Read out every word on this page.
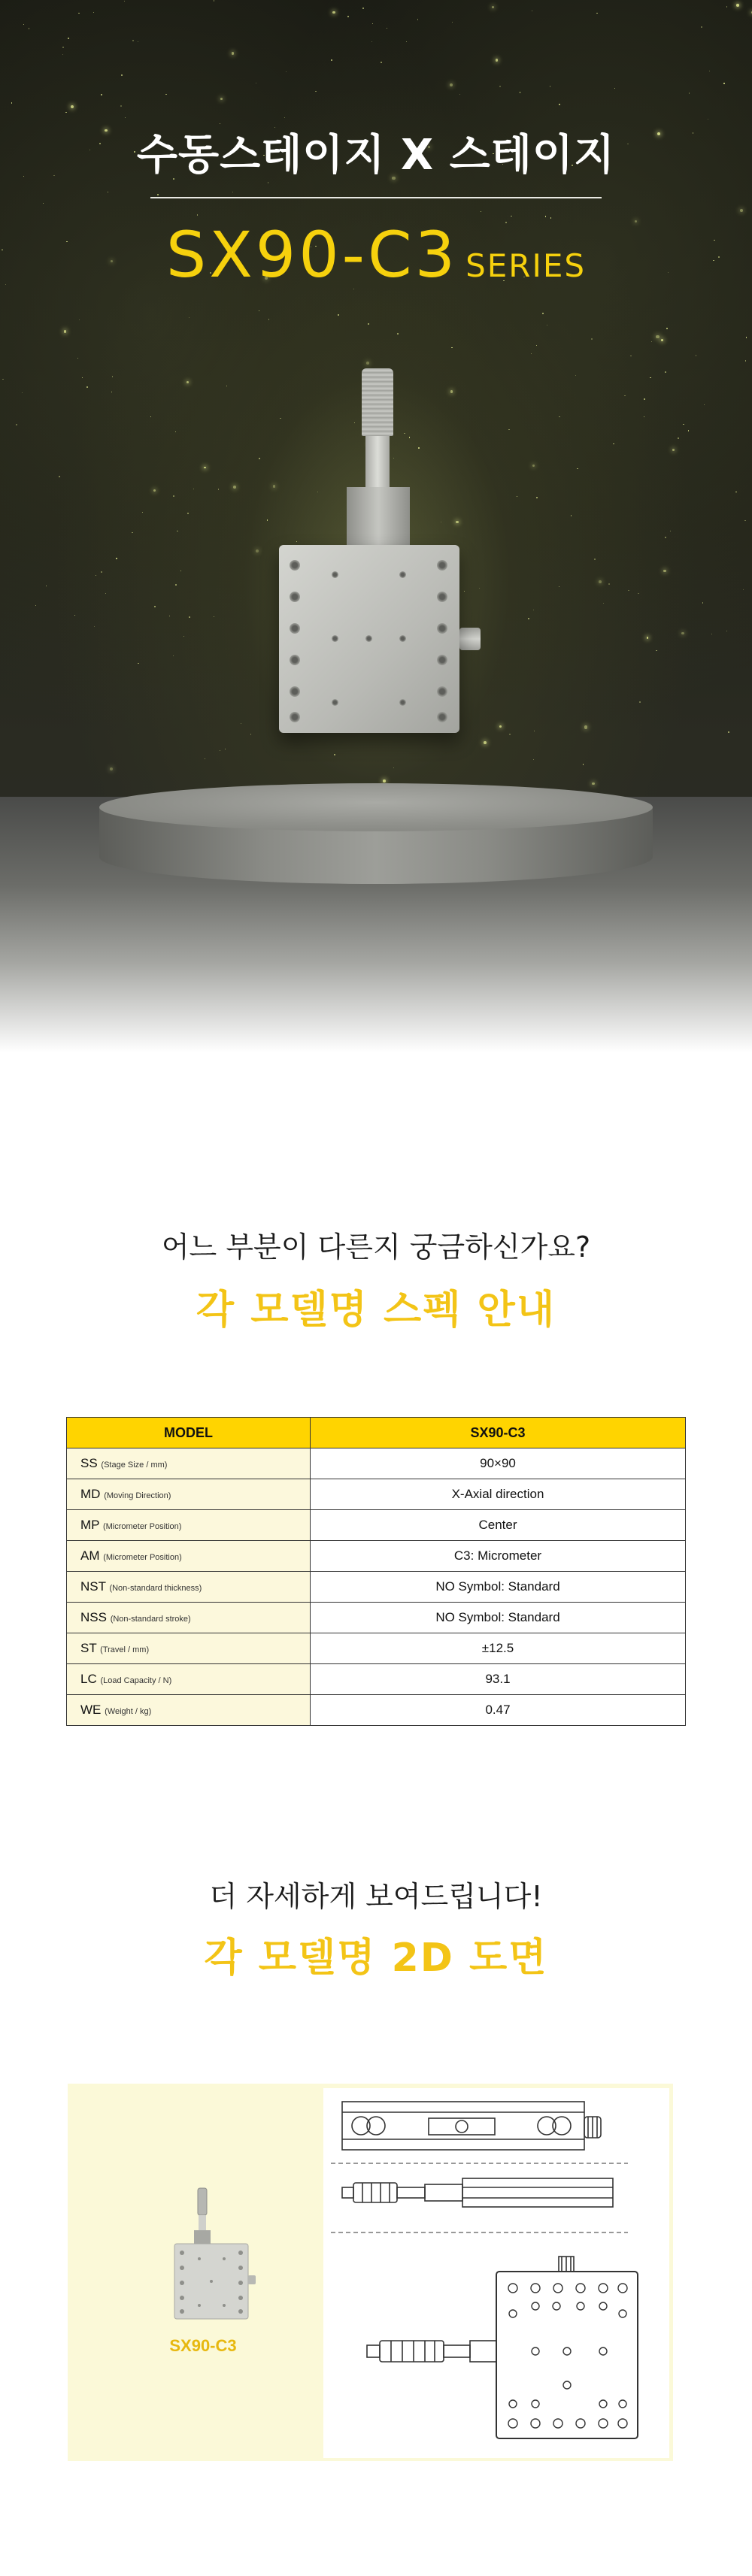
수동스테이지 X 스테이지
SX90-C3 SERIES
어느 부분이 다른지 궁금하신가요?
각 모델명 스펙 안내
MODEL	SX90-C3
SS (Stage Size / mm)	90×90
MD (Moving Direction)	X-Axial direction
MP (Micrometer Position)	Center
AM (Micrometer Position)	C3: Micrometer
NST (Non-standard thickness)	NO Symbol: Standard
NSS (Non-standard stroke)	NO Symbol: Standard
ST (Travel / mm)	±12.5
LC (Load Capacity / N)	93.1
WE (Weight / kg)	0.47
더 자세하게 보여드립니다!
각 모델명 2D 도면
SX90-C3
